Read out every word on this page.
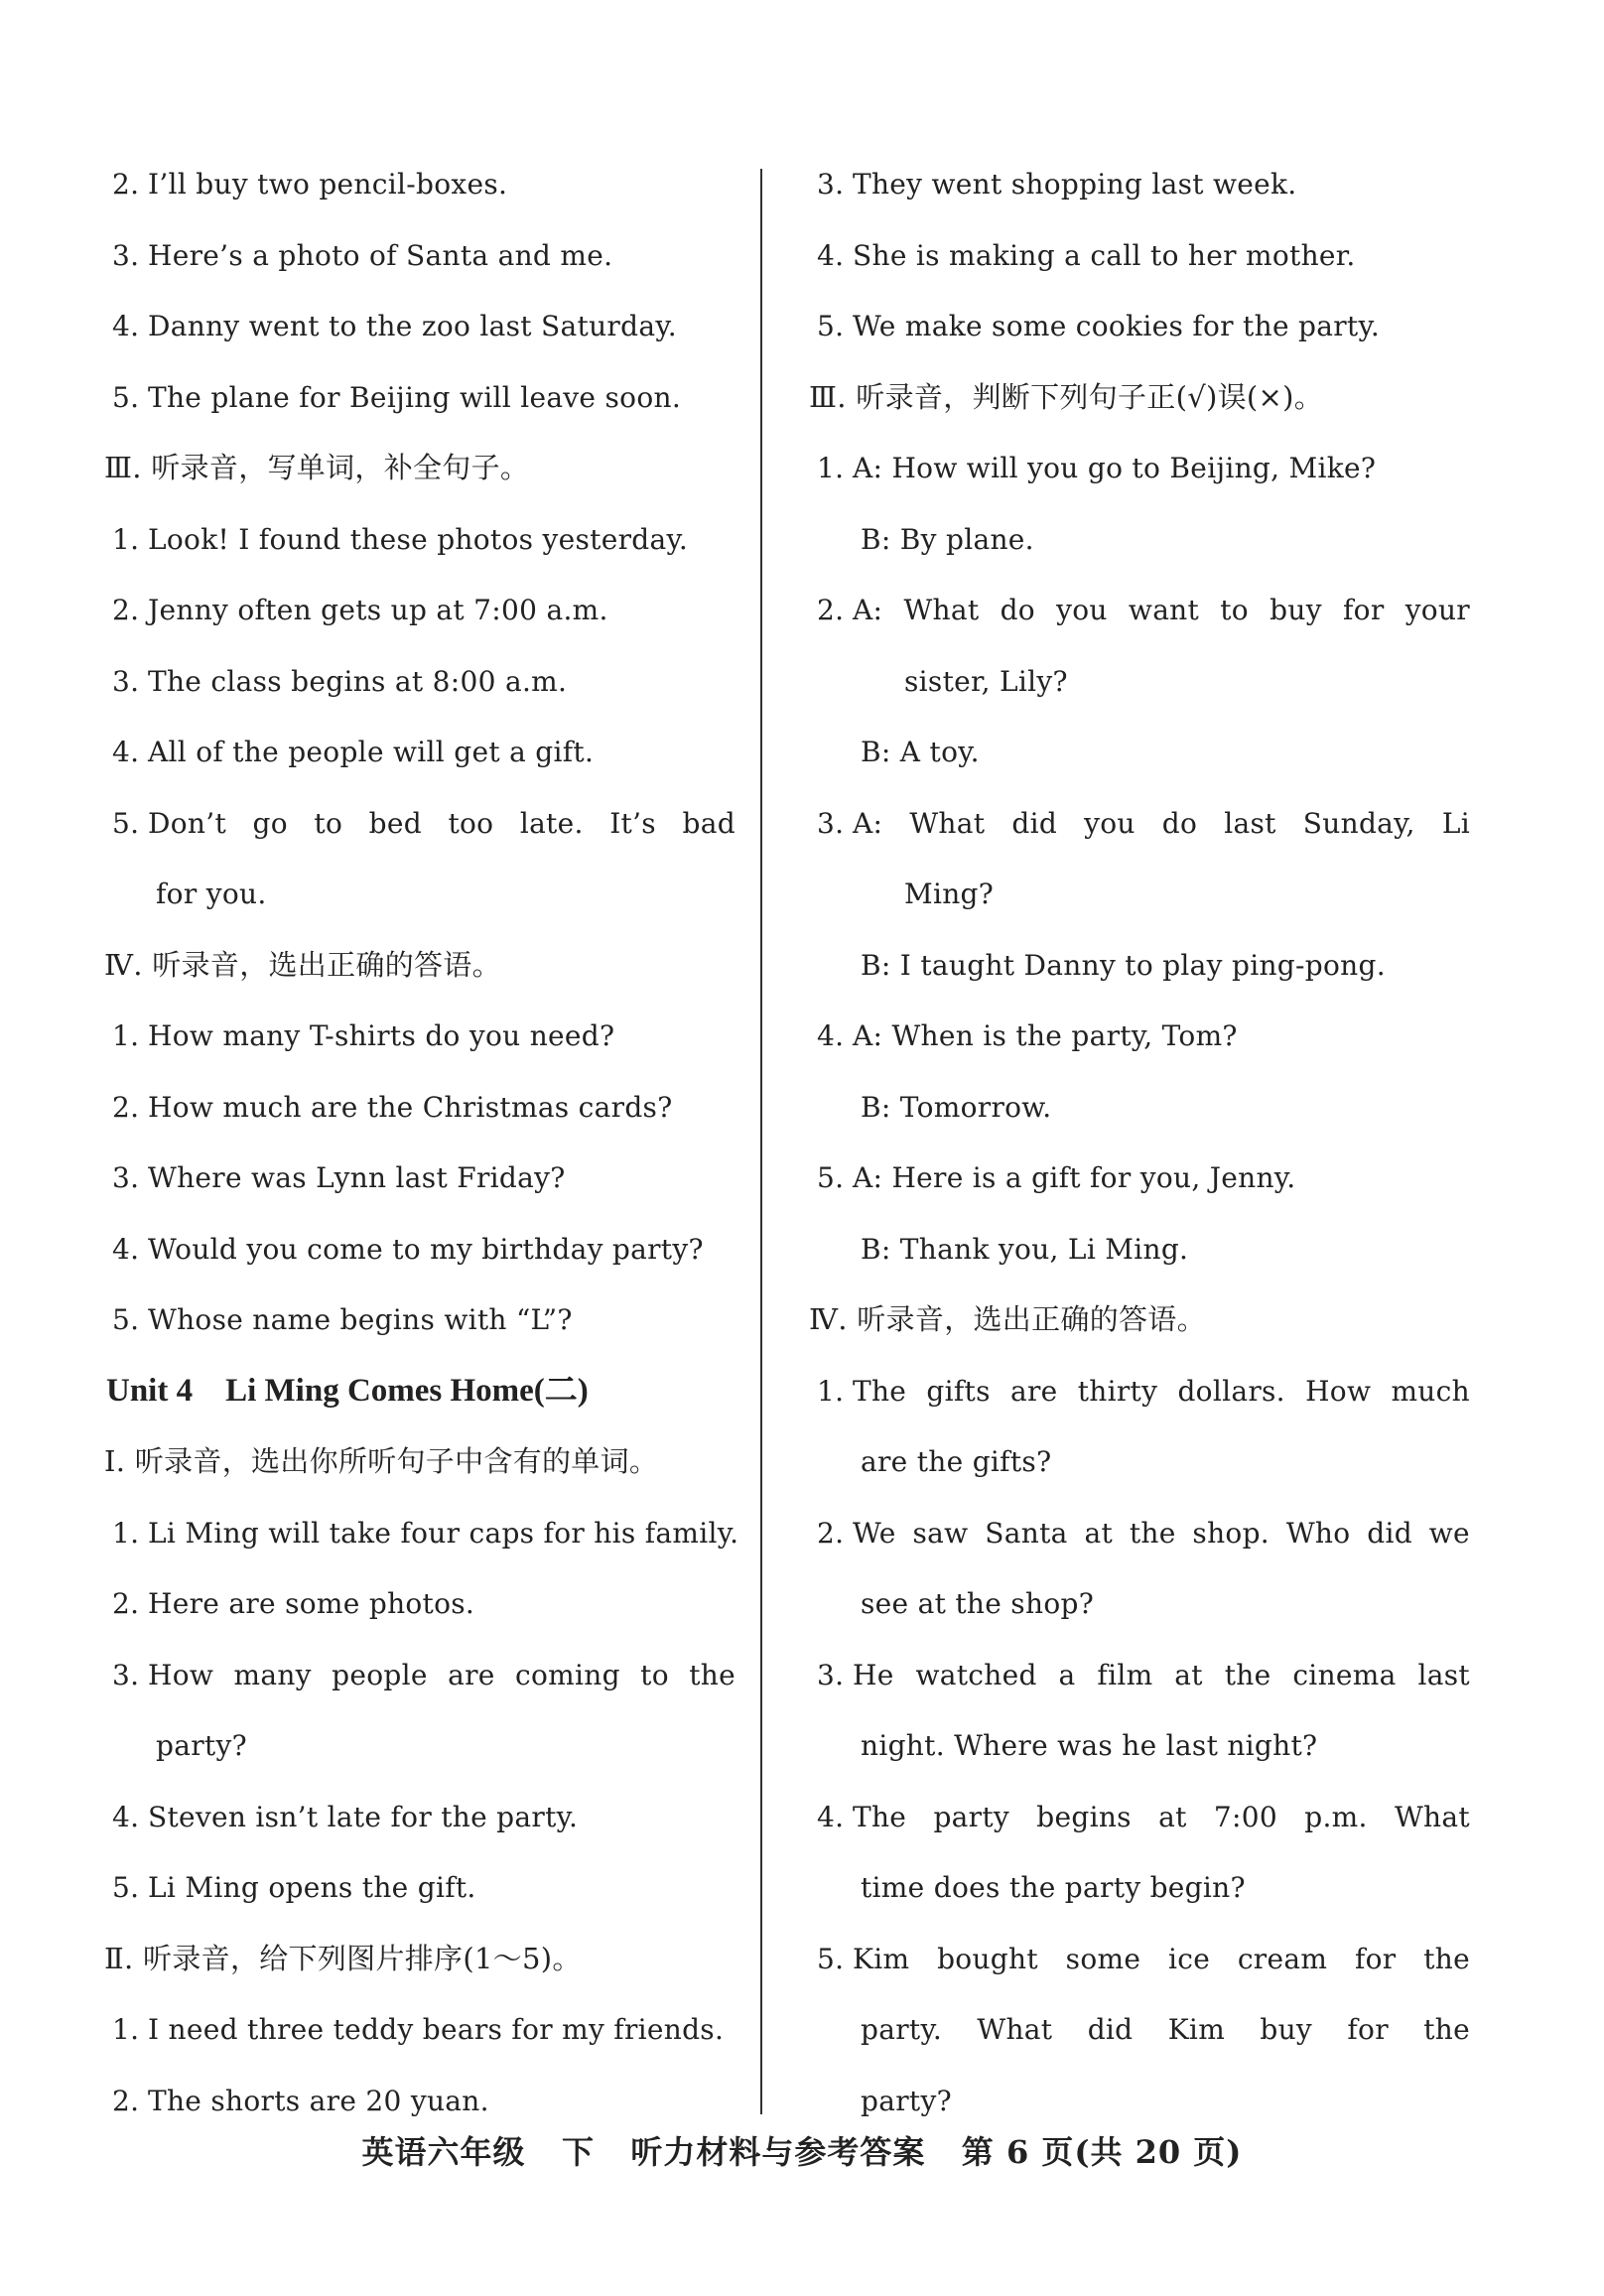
2. I’ll buy two pencil-boxes.
3. Here’s a photo of Santa and me.
4. Danny went to the zoo last Saturday.
5. The plane for Beijing will leave soon.
Ⅲ. 听录音，写单词，补全句子。
1. Look! I found these photos yesterday.
2. Jenny often gets up at 7:00 a.m.
3. The class begins at 8:00 a.m.
4. All of the people will get a gift.
5. Don’t go to bed too late. It’s bad
for you.
Ⅳ. 听录音，选出正确的答语。
1. How many T-shirts do you need?
2. How much are the Christmas cards?
3. Where was Lynn last Friday?
4. Would you come to my birthday party?
5. Whose name begins with “L”?
Unit 4    Li Ming Comes Home(二)
Ⅰ. 听录音，选出你所听句子中含有的单词。
1. Li Ming will take four caps for his family.
2. Here are some photos.
3. How many people are coming to the
party?
4. Steven isn’t late for the party.
5. Li Ming opens the gift.
Ⅱ. 听录音，给下列图片排序(1～5)。
1. I need three teddy bears for my friends.
2. The shorts are 20 yuan.
3. They went shopping last week.
4. She is making a call to her mother.
5. We make some cookies for the party.
Ⅲ. 听录音，判断下列句子正(√)误(×)。
1. A: How will you go to Beijing, Mike?
B: By plane.
2. A: What do you want to buy for your
sister, Lily?
B: A toy.
3. A: What did you do last Sunday, Li
Ming?
B: I taught Danny to play ping-pong.
4. A: When is the party, Tom?
B: Tomorrow.
5. A: Here is a gift for you, Jenny.
B: Thank you, Li Ming.
Ⅳ. 听录音，选出正确的答语。
1. The gifts are thirty dollars. How much
are the gifts?
2. We saw Santa at the shop. Who did we
see at the shop?
3. He watched a film at the cinema last
night. Where was he last night?
4. The party begins at 7:00 p.m. What
time does the party begin?
5. Kim bought some ice cream for the
party. What did Kim buy for the
party?
英语六年级   下   听力材料与参考答案   第 6 页(共 20 页)
